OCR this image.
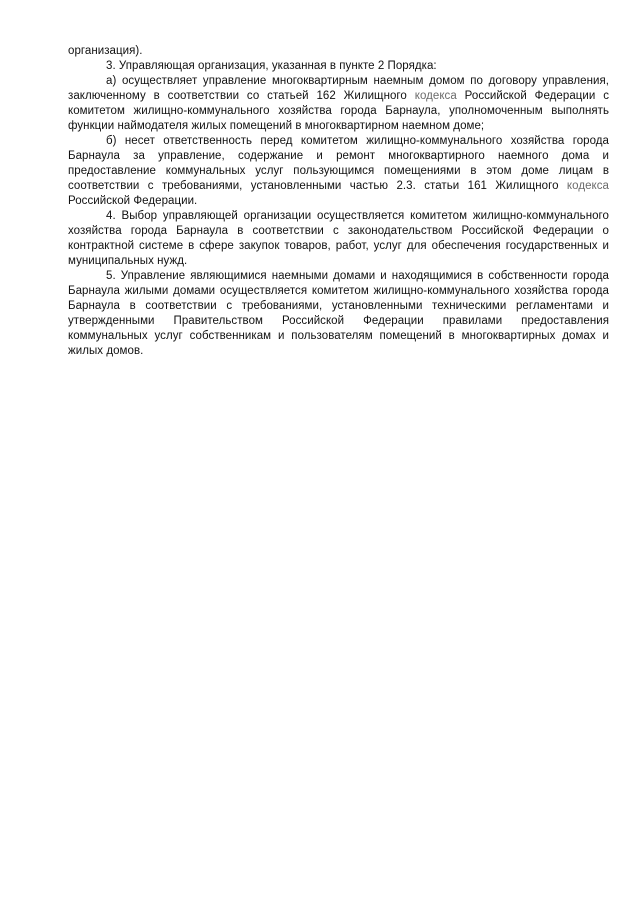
организация).

3. Управляющая организация, указанная в пункте 2 Порядка:

а) осуществляет управление многоквартирным наемным домом по договору управления, заключенному в соответствии со статьей 162 Жилищного кодекса Российской Федерации с комитетом жилищно-коммунального хозяйства города Барнаула, уполномоченным выполнять функции наймодателя жилых помещений в многоквартирном наемном доме;

б) несет ответственность перед комитетом жилищно-коммунального хозяйства города Барнаула за управление, содержание и ремонт многоквартирного наемного дома и предоставление коммунальных услуг пользующимся помещениями в этом доме лицам в соответствии с требованиями, установленными частью 2.3. статьи 161 Жилищного кодекса Российской Федерации.

4. Выбор управляющей организации осуществляется комитетом жилищно-коммунального хозяйства города Барнаула в соответствии с законодательством Российской Федерации о контрактной системе в сфере закупок товаров, работ, услуг для обеспечения государственных и муниципальных нужд.

5. Управление являющимися наемными домами и находящимися в собственности города Барнаула жилыми домами осуществляется комитетом жилищно-коммунального хозяйства города Барнаула в соответствии с требованиями, установленными техническими регламентами и утвержденными Правительством Российской Федерации правилами предоставления коммунальных услуг собственникам и пользователям помещений в многоквартирных домах и жилых домов.
